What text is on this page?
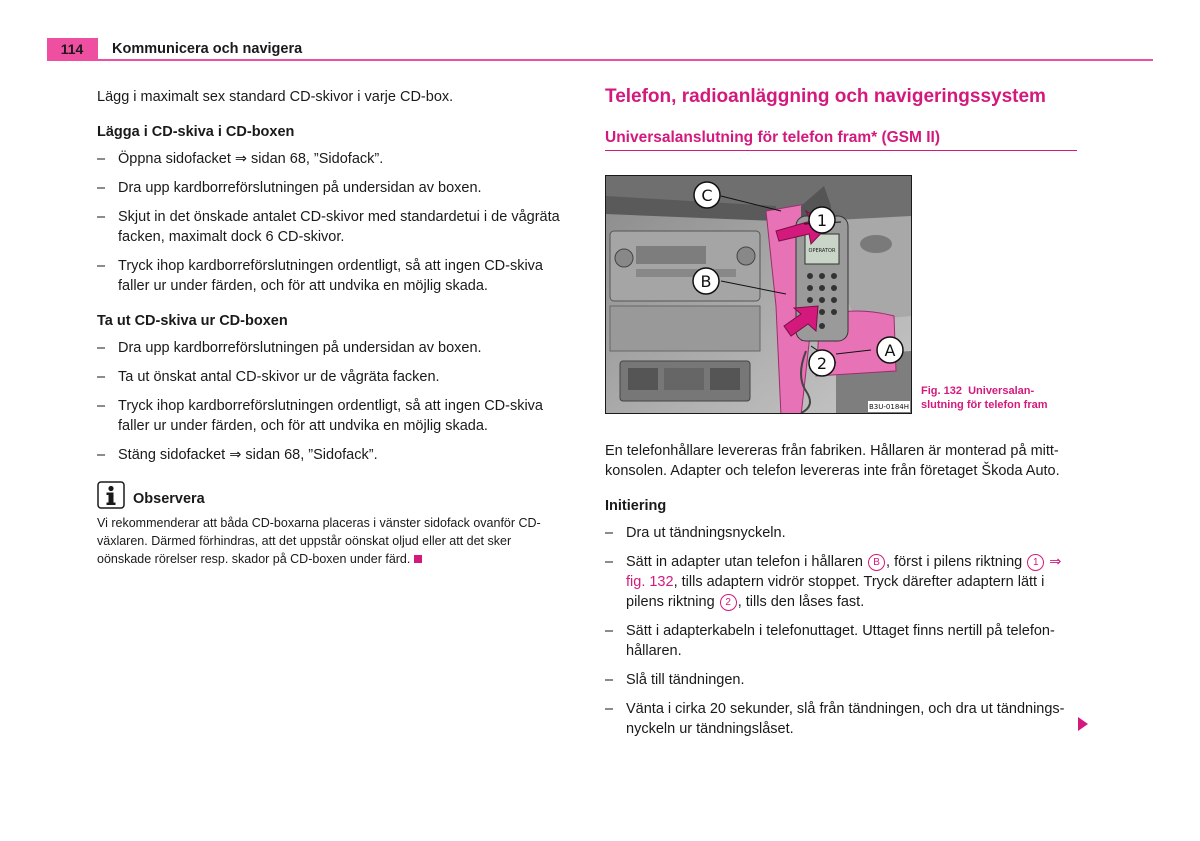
114	Kommunicera och navigera

Lägg i maximalt sex standard CD-skivor i varje CD-box.

Lägga i CD-skiva i CD-boxen

– Öppna sidofacket ⇒ sidan 68, ”Sidofack”.
– Dra upp kardborreförslutningen på undersidan av boxen.
– Skjut in det önskade antalet CD-skivor med standardetui i de vågräta facken, maximalt dock 6 CD-skivor.
– Tryck ihop kardborreförslutningen ordentligt, så att ingen CD-skiva faller ur under färden, och för att undvika en möjlig skada.

Ta ut CD-skiva ur CD-boxen

– Dra upp kardborreförslutningen på undersidan av boxen.
– Ta ut önskat antal CD-skivor ur de vågräta facken.
– Tryck ihop kardborreförslutningen ordentligt, så att ingen CD-skiva faller ur under färden, och för att undvika en möjlig skada.
– Stäng sidofacket ⇒ sidan 68, ”Sidofack”.
Observera
Vi rekommenderar att båda CD-boxarna placeras i vänster sidofack ovanför CD-växlaren. Därmed förhindras, att det uppstår oönskat oljud eller att det sker oönskade rörelser resp. skador på CD-boxen under färd.
Telefon, radioanläggning och navigeringssystem
Universalanslutning för telefon fram* (GSM II)
OPERATOR
C
1
B
A
2
B3U-0184H
Fig. 132 Universalan-slutning för telefon fram

En telefonhållare levereras från fabriken. Hållaren är monterad på mitt-konsolen. Adapter och telefon levereras inte från företaget Škoda Auto.

Initiering

– Dra ut tändningsnyckeln.
– Sätt in adapter utan telefon i hållaren B , först i pilens riktning 1 ⇒ fig. 132, tills adaptern vidrör stoppet. Tryck därefter adaptern lätt i pilens riktning 2 , tills den låses fast.
– Sätt i adapterkabeln i telefonuttaget. Uttaget finns nertill på telefon-hållaren.
– Slå till tändningen.
– Vänta i cirka 20 sekunder, slå från tändningen, och dra ut tändnings-nyckeln ur tändningslåset.
